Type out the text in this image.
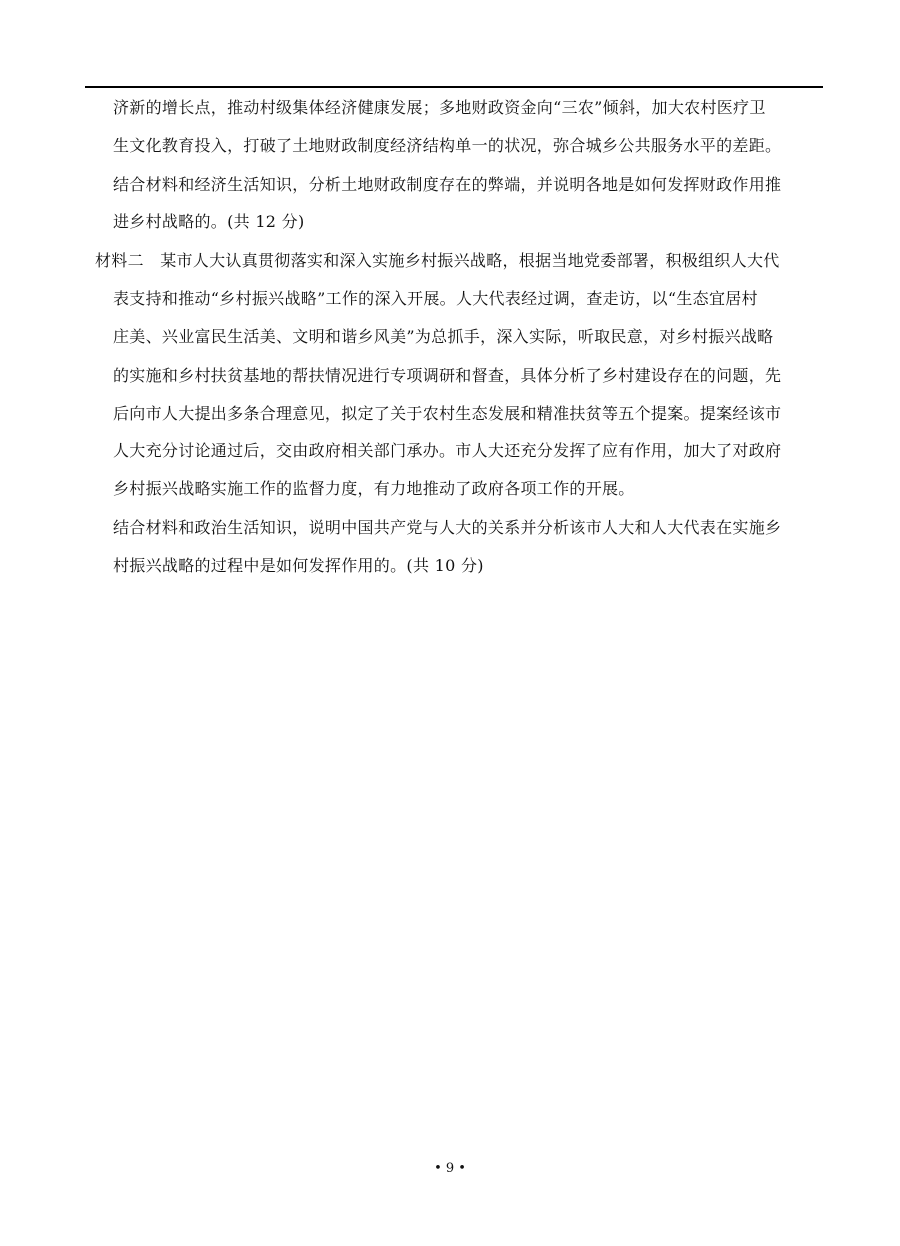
济新的增长点，推动村级集体经济健康发展；多地财政资金向“三农”倾斜，加大农村医疗卫
生文化教育投入，打破了土地财政制度经济结构单一的状况，弥合城乡公共服务水平的差距。
结合材料和经济生活知识，分析土地财政制度存在的弊端，并说明各地是如何发挥财政作用推
进乡村战略的。(共 12 分)
材料二　某市人大认真贯彻落实和深入实施乡村振兴战略，根据当地党委部署，积极组织人大代
表支持和推动“乡村振兴战略”工作的深入开展。人大代表经过调，查走访，以“生态宜居村
庄美、兴业富民生活美、文明和谐乡风美”为总抓手，深入实际，听取民意，对乡村振兴战略
的实施和乡村扶贫基地的帮扶情况进行专项调研和督查，具体分析了乡村建设存在的问题，先
后向市人大提出多条合理意见，拟定了关于农村生态发展和精准扶贫等五个提案。提案经该市
人大充分讨论通过后，交由政府相关部门承办。市人大还充分发挥了应有作用，加大了对政府
乡村振兴战略实施工作的监督力度，有力地推动了政府各项工作的开展。
结合材料和政治生活知识，说明中国共产党与人大的关系并分析该市人大和人大代表在实施乡
村振兴战略的过程中是如何发挥作用的。(共 10 分)
• 9 •
